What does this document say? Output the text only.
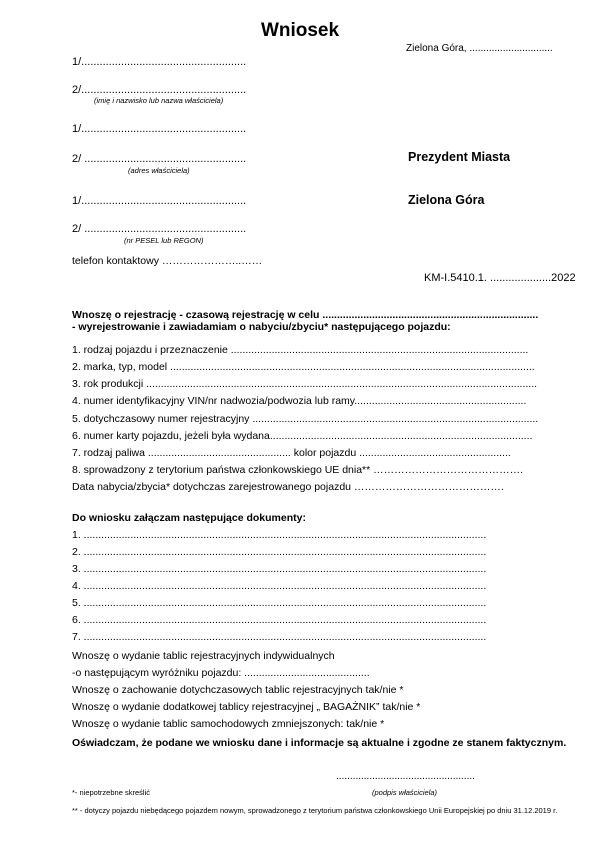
Wniosek
Zielona Góra, ..............................
1/......................................................
2/......................................................
(imię i nazwisko lub nazwa właściciela)
1/......................................................
2/ .....................................................
(adres właściciela)
Prezydent Miasta
Zielona Góra
1/......................................................
2/ .....................................................
(nr PESEL lub REGON)
telefon kontaktowy …………………..……
KM-I.5410.1. ....................2022
Wnoszę o rejestrację - czasową rejestrację w celu ..........................................................................
- wyrejestrowanie i zawiadamiam o nabyciu/zbyciu* następującego pojazdu:
1. rodzaj pojazdu i przeznaczenie ......................................................................................................
2. marka, typ, model .............................................................................................................................
3. rok produkcji ......................................................................................................................................
4. numer identyfikacyjny VIN/nr nadwozia/podwozia lub ramy...........................................................
5. dotychczasowy numer rejestracyjny ..................................................................................................
6. numer karty pojazdu, jeżeli była wydana..........................................................................................
7. rodzaj paliwa ................................................. kolor pojazdu ....................................................
8. sprowadzony z terytorium państwa członkowskiego UE dnia** …………………………………….
Data nabycia/zbycia* dotychczas zarejestrowanego pojazdu …………………………………….
Do wniosku załączam następujące dokumenty:
1. ..........................................................................................................................................
2. ..........................................................................................................................................
3. ..........................................................................................................................................
4. ..........................................................................................................................................
5. ..........................................................................................................................................
6. ..........................................................................................................................................
7. ..........................................................................................................................................
Wnoszę o wydanie tablic rejestracyjnych indywidualnych
-o następującym wyróżniku pojazdu: ...........................................
Wnoszę o zachowanie dotychczasowych tablic rejestracyjnych tak/nie *
Wnoszę o wydanie dodatkowej tablicy rejestracyjnej „ BAGAŻNIK” tak/nie *
Wnoszę o wydanie tablic samochodowych zmniejszonych: tak/nie *
Oświadczam, że podane we wniosku dane i informacje są aktualne i zgodne ze stanem faktycznym.
..................................................
(podpis właściciela)
*- niepotrzebne skreślić
** - dotyczy pojazdu niebędącego pojazdem nowym, sprowadzonego z terytorium państwa członkowskiego Unii Europejskiej po dniu 31.12.2019 r.
